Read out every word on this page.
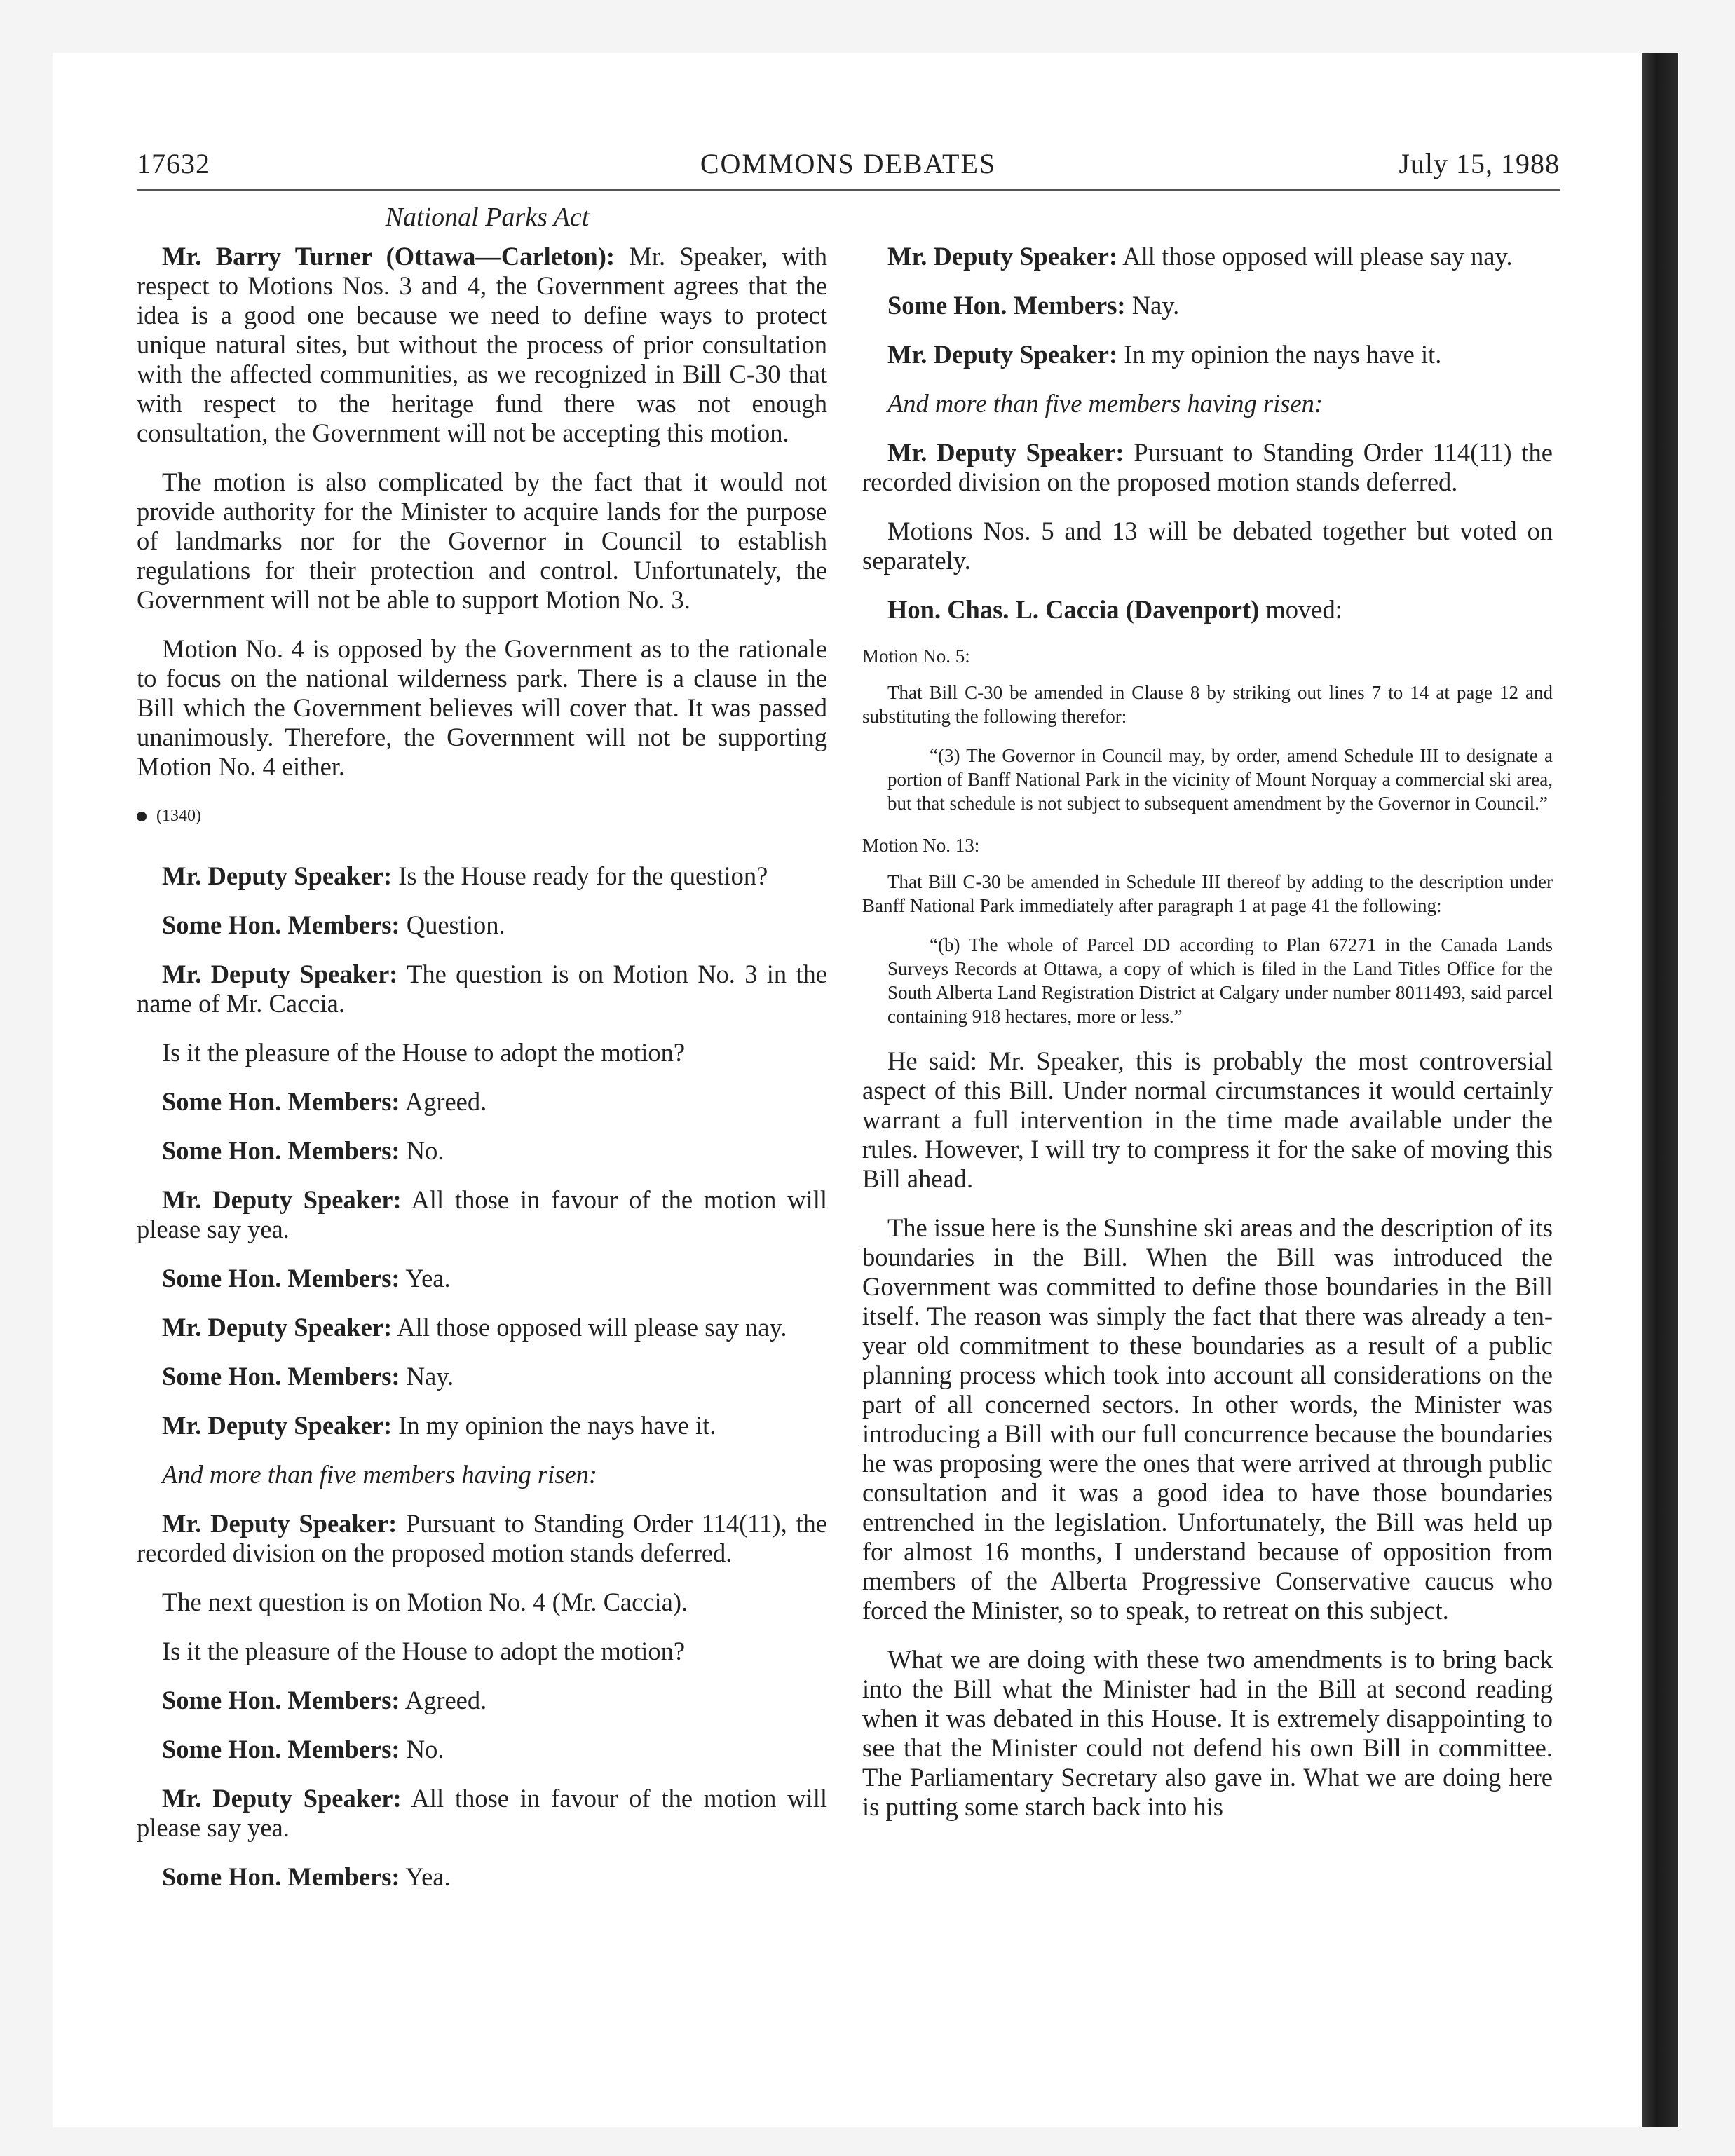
17632	COMMONS DEBATES	July 15, 1988
National Parks Act

Mr. Barry Turner (Ottawa—Carleton): Mr. Speaker, with respect to Motions Nos. 3 and 4, the Government agrees that the idea is a good one because we need to define ways to protect unique natural sites, but without the process of prior consultation with the affected communities, as we recognized in Bill C-30 that with respect to the heritage fund there was not enough consultation, the Government will not be accepting this motion.

The motion is also complicated by the fact that it would not provide authority for the Minister to acquire lands for the purpose of landmarks nor for the Governor in Council to establish regulations for their protection and control. Unfortunately, the Government will not be able to support Motion No. 3.

Motion No. 4 is opposed by the Government as to the rationale to focus on the national wilderness park. There is a clause in the Bill which the Government believes will cover that. It was passed unanimously. Therefore, the Government will not be supporting Motion No. 4 either.

(1340)

Mr. Deputy Speaker: Is the House ready for the question?

Some Hon. Members: Question.

Mr. Deputy Speaker: The question is on Motion No. 3 in the name of Mr. Caccia.

Is it the pleasure of the House to adopt the motion?

Some Hon. Members: Agreed.

Some Hon. Members: No.

Mr. Deputy Speaker: All those in favour of the motion will please say yea.

Some Hon. Members: Yea.

Mr. Deputy Speaker: All those opposed will please say nay.

Some Hon. Members: Nay.

Mr. Deputy Speaker: In my opinion the nays have it.

And more than five members having risen:

Mr. Deputy Speaker: Pursuant to Standing Order 114(11), the recorded division on the proposed motion stands deferred.

The next question is on Motion No. 4 (Mr. Caccia).

Is it the pleasure of the House to adopt the motion?

Some Hon. Members: Agreed.

Some Hon. Members: No.

Mr. Deputy Speaker: All those in favour of the motion will please say yea.

Some Hon. Members: Yea.

Mr. Deputy Speaker: All those opposed will please say nay.

Some Hon. Members: Nay.

Mr. Deputy Speaker: In my opinion the nays have it.

And more than five members having risen:

Mr. Deputy Speaker: Pursuant to Standing Order 114(11) the recorded division on the proposed motion stands deferred.

Motions Nos. 5 and 13 will be debated together but voted on separately.

Hon. Chas. L. Caccia (Davenport) moved:

Motion No. 5:

That Bill C-30 be amended in Clause 8 by striking out lines 7 to 14 at page 12 and substituting the following therefor:

“(3) The Governor in Council may, by order, amend Schedule III to designate a portion of Banff National Park in the vicinity of Mount Norquay a commercial ski area, but that schedule is not subject to subsequent amendment by the Governor in Council.”

Motion No. 13:

That Bill C-30 be amended in Schedule III thereof by adding to the description under Banff National Park immediately after paragraph 1 at page 41 the following:

“(b) The whole of Parcel DD according to Plan 67271 in the Canada Lands Surveys Records at Ottawa, a copy of which is filed in the Land Titles Office for the South Alberta Land Registration District at Calgary under number 8011493, said parcel containing 918 hectares, more or less.”

He said: Mr. Speaker, this is probably the most controversial aspect of this Bill. Under normal circumstances it would certainly warrant a full intervention in the time made available under the rules. However, I will try to compress it for the sake of moving this Bill ahead.

The issue here is the Sunshine ski areas and the description of its boundaries in the Bill. When the Bill was introduced the Government was committed to define those boundaries in the Bill itself. The reason was simply the fact that there was already a ten-year old commitment to these boundaries as a result of a public planning process which took into account all considerations on the part of all concerned sectors. In other words, the Minister was introducing a Bill with our full concurrence because the boundaries he was proposing were the ones that were arrived at through public consultation and it was a good idea to have those boundaries entrenched in the legislation. Unfortunately, the Bill was held up for almost 16 months, I understand because of opposition from members of the Alberta Progressive Conservative caucus who forced the Minister, so to speak, to retreat on this subject.

What we are doing with these two amendments is to bring back into the Bill what the Minister had in the Bill at second reading when it was debated in this House. It is extremely disappointing to see that the Minister could not defend his own Bill in committee. The Parliamentary Secretary also gave in. What we are doing here is putting some starch back into his
